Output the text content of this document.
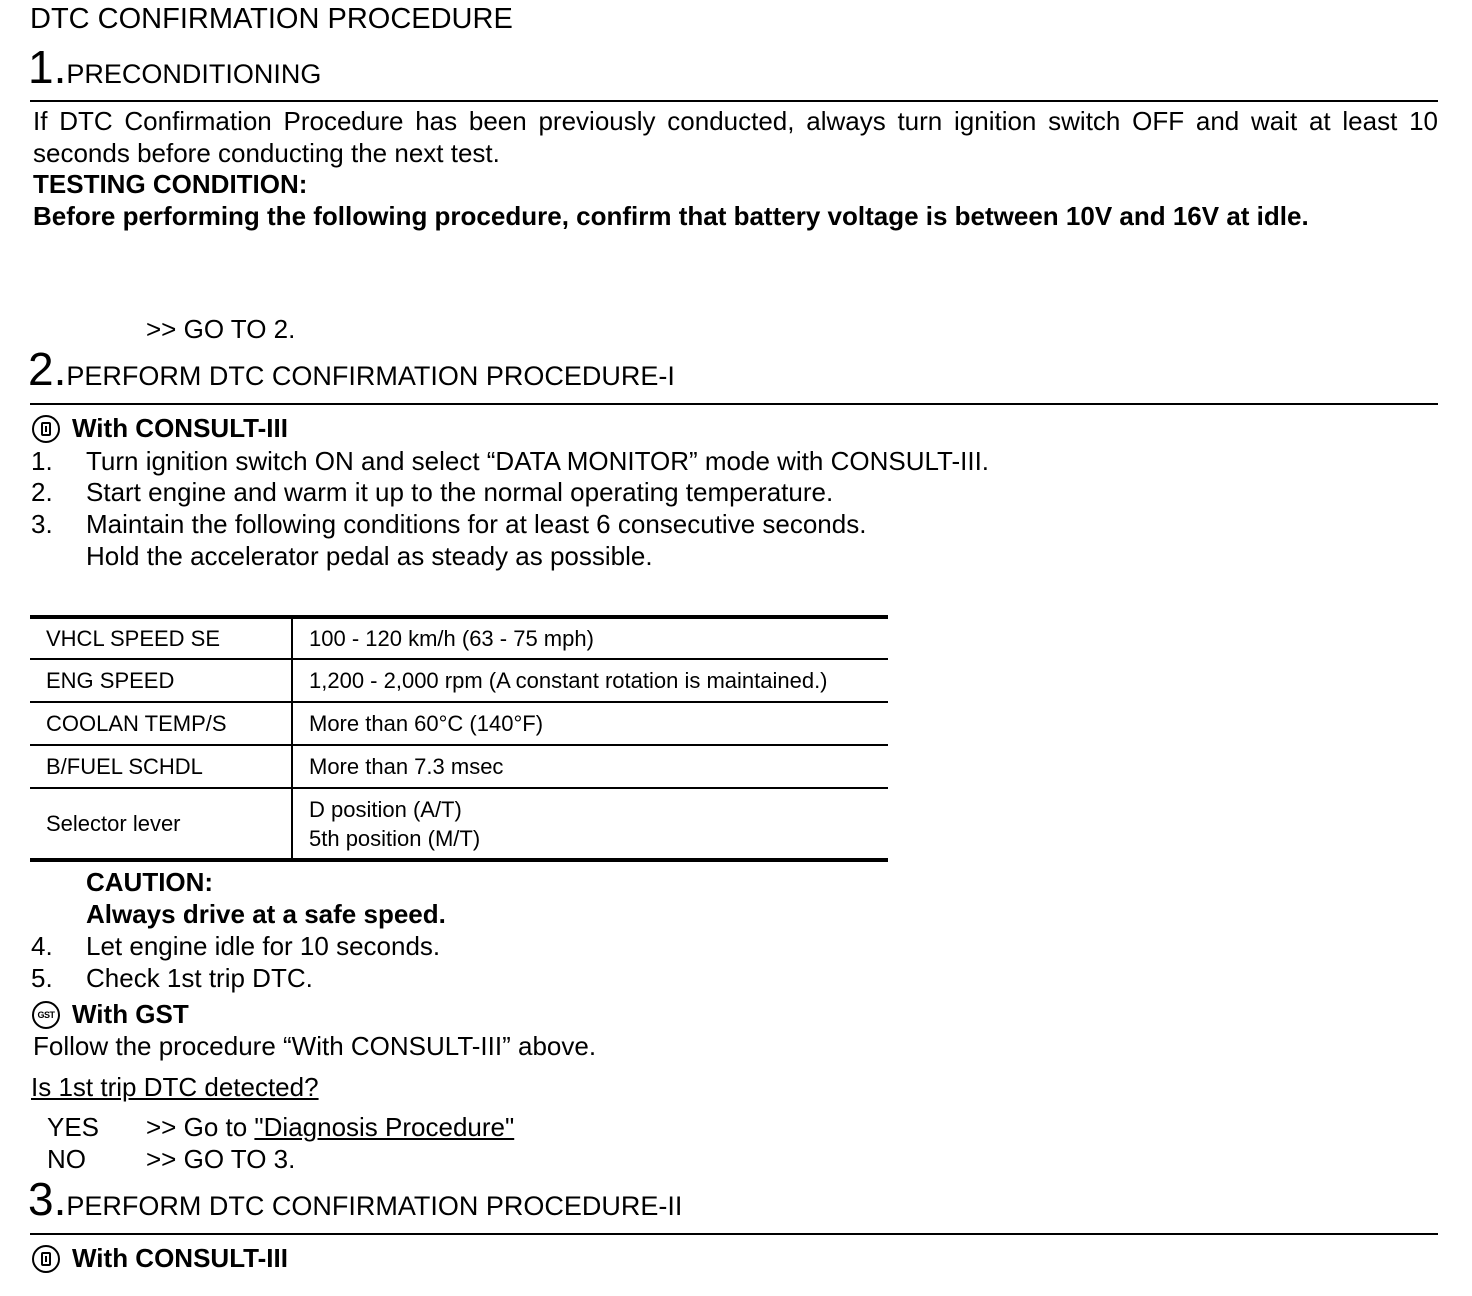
DTC CONFIRMATION PROCEDURE
1.PRECONDITIONING
If DTC Confirmation Procedure has been previously conducted, always turn ignition switch OFF and wait at least 10 seconds before conducting the next test.
TESTING CONDITION:
Before performing the following procedure, confirm that battery voltage is between 10V and 16V at idle.
>> GO TO 2.
2.PERFORM DTC CONFIRMATION PROCEDURE-I
With CONSULT-III
1. Turn ignition switch ON and select “DATA MONITOR” mode with CONSULT-III.
2. Start engine and warm it up to the normal operating temperature.
3. Maintain the following conditions for at least 6 consecutive seconds.
Hold the accelerator pedal as steady as possible.
VHCL SPEED SE	100 - 120 km/h (63 - 75 mph)
ENG SPEED	1,200 - 2,000 rpm (A constant rotation is maintained.)
COOLAN TEMP/S	More than 60°C (140°F)
B/FUEL SCHDL	More than 7.3 msec
Selector lever	D position (A/T)
5th position (M/T)
CAUTION:
Always drive at a safe speed.
4. Let engine idle for 10 seconds.
5. Check 1st trip DTC.
GST With GST
Follow the procedure “With CONSULT-III” above.
Is 1st trip DTC detected?
YES >> Go to "Diagnosis Procedure"
NO >> GO TO 3.
3.PERFORM DTC CONFIRMATION PROCEDURE-II
With CONSULT-III
